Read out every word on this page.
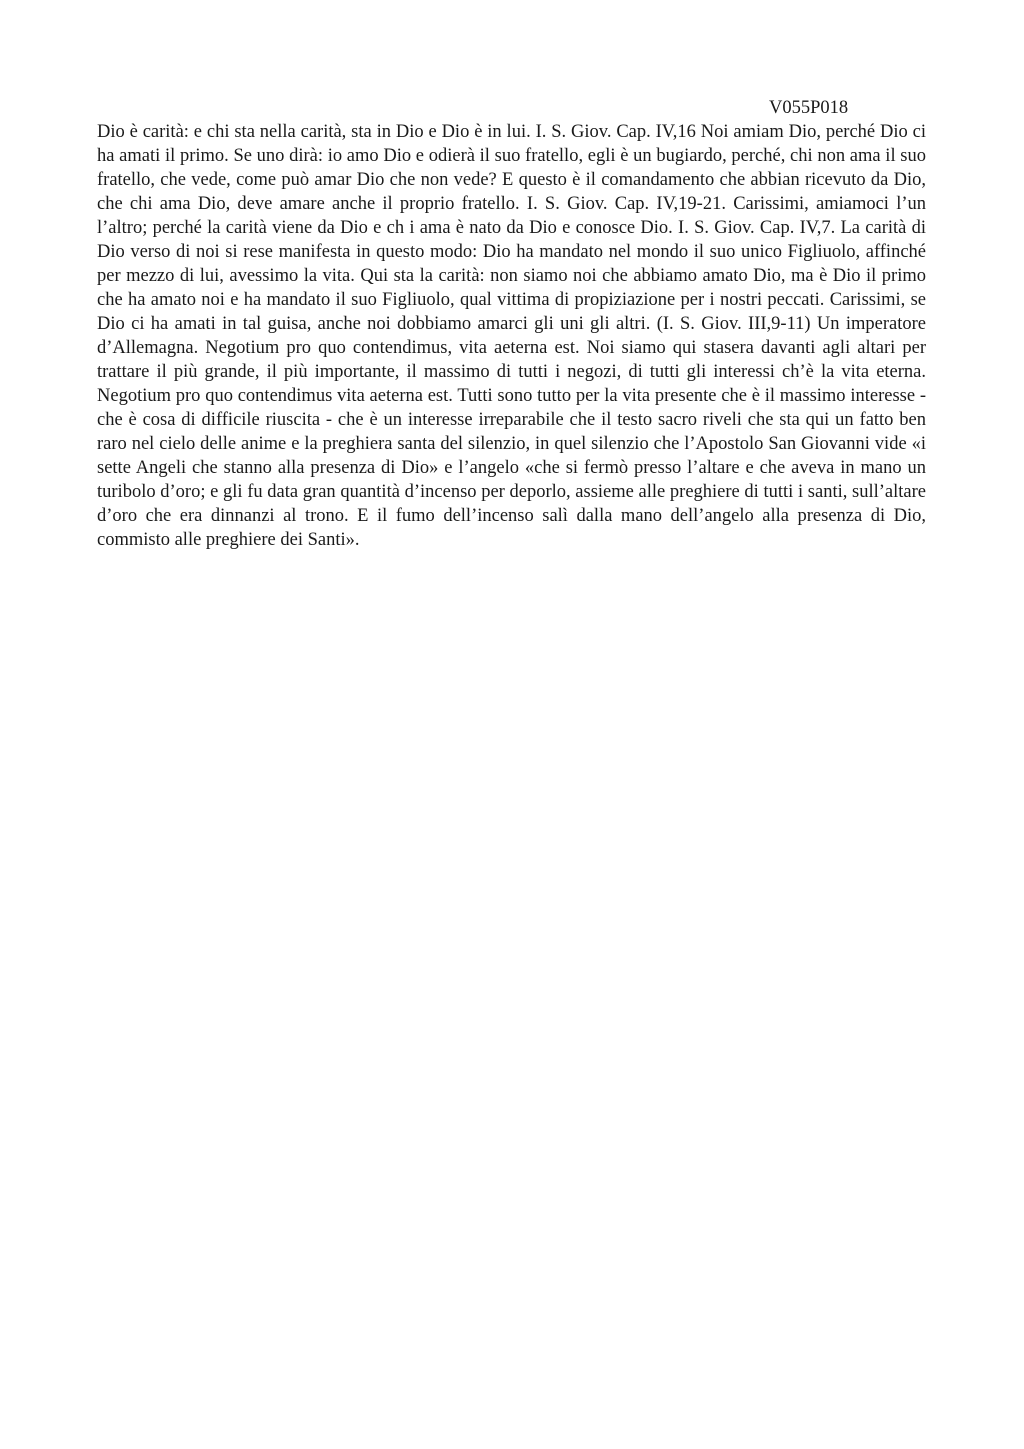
V055P018

Dio è carità: e chi sta nella carità, sta in Dio e Dio è in lui. I. S. Giov. Cap. IV,16 Noi amiam Dio, perché Dio ci ha amati il primo. Se uno dirà: io amo Dio e odierà il suo fratello, egli è un bugiardo, perché, chi non ama il suo fratello, che vede, come può amar Dio che non vede? E questo è il comandamento che abbian ricevuto da Dio, che chi ama Dio, deve amare anche il proprio fratello. I. S. Giov. Cap. IV,19-21. Carissimi, amiamoci l’un l’altro; perché la carità viene da Dio e ch i ama è nato da Dio e conosce Dio. I. S. Giov. Cap. IV,7. La carità di Dio verso di noi si rese manifesta in questo modo: Dio ha mandato nel mondo il suo unico Figliuolo, affinché per mezzo di lui, avessimo la vita. Qui sta la carità: non siamo noi che abbiamo amato Dio, ma è Dio il primo che ha amato noi e ha mandato il suo Figliuolo, qual vittima di propiziazione per i nostri peccati. Carissimi, se Dio ci ha amati in tal guisa, anche noi dobbiamo amarci gli uni gli altri. (I. S. Giov. III,9-11) Un imperatore d’Allemagna. Negotium pro quo contendimus, vita aeterna est. Noi siamo qui stasera davanti agli altari per trattare il più grande, il più importante, il massimo di tutti i negozi, di tutti gli interessi ch’è la vita eterna. Negotium pro quo contendimus vita aeterna est. Tutti sono tutto per la vita presente che è il massimo interesse - che è cosa di difficile riuscita - che è un interesse irreparabile che il testo sacro riveli che sta qui un fatto ben raro nel cielo delle anime e la preghiera santa del silenzio, in quel silenzio che l’Apostolo San Giovanni vide «i sette Angeli che stanno alla presenza di Dio» e l’angelo «che si fermò presso l’altare e che aveva in mano un turibolo d’oro; e gli fu data gran quantità d’incenso per deporlo, assieme alle preghiere di tutti i santi, sull’altare d’oro che era dinnanzi al trono. E il fumo dell’incenso salì dalla mano dell’angelo alla presenza di Dio, commisto alle preghiere dei Santi».
